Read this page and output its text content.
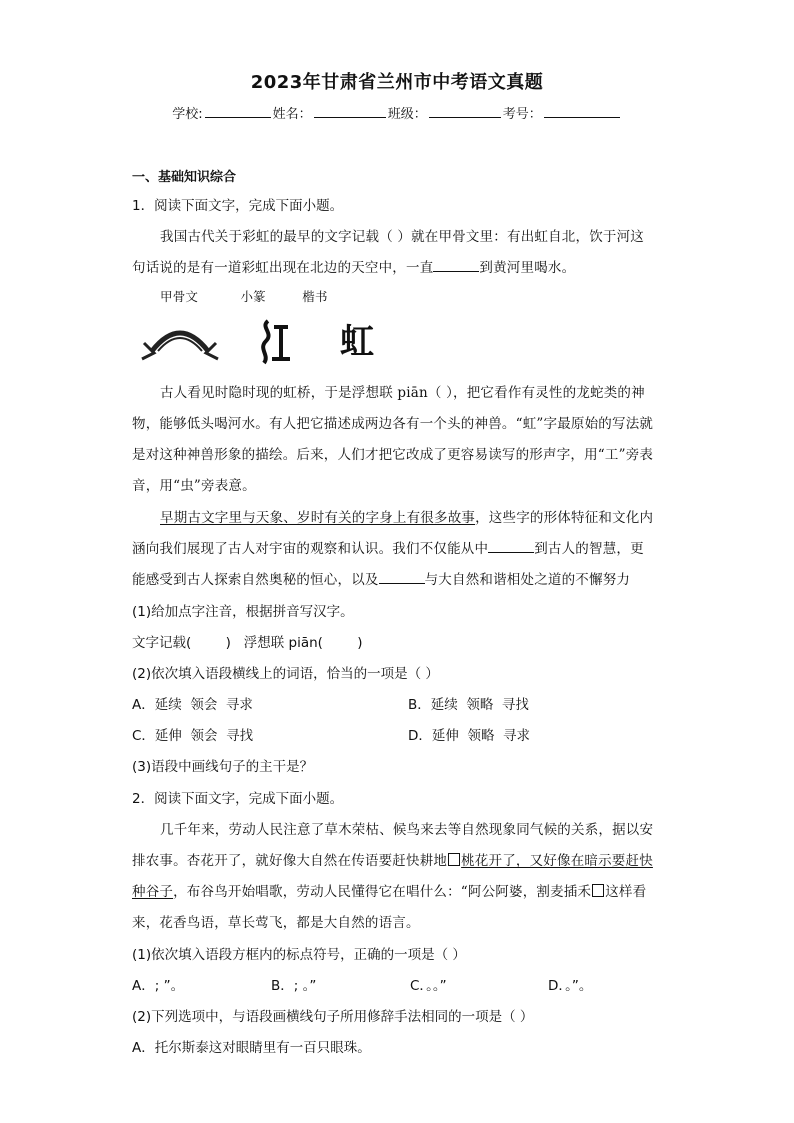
2023年甘肃省兰州市中考语文真题
学校:	姓名：	班级：	考号：
一、基础知识综合
1．阅读下面文字，完成下面小题。
我国古代关于彩虹的最早的文字记载（ ）就在甲骨文里：有出虹自北，饮于河这
句话说的是有一道彩虹出现在北边的天空中，一直	到黄河里喝水。
甲骨文	小篆	楷书
虹
古人看见时隐时现的虹桥，于是浮想联 piān（ ），把它看作有灵性的龙蛇类的神
物，能够低头喝河水。有人把它描述成两边各有一个头的神兽。“虹”字最原始的写法就
是对这种神兽形象的描绘。后来，人们才把它改成了更容易读写的形声字，用“工”旁表
音，用“虫”旁表意。
早期古文字里与天象、岁时有关的字身上有很多故事，这些字的形体特征和文化内
涵向我们展现了古人对宇宙的观察和认识。我们不仅能从中	到古人的智慧，更
能感受到古人探索自然奥秘的恒心，以及	与大自然和谐相处之道的不懈努力
(1)给加点字注音，根据拼音写汉字。
文字记载(        )   浮想联 piān(        )
(2)依次填入语段横线上的词语，恰当的一项是（ ）
A．延续  领会  寻求	B．延续  领略  寻找
C．延伸  领会  寻找	D．延伸  领略  寻求
(3)语段中画线句子的主干是？
2．阅读下面文字，完成下面小题。
几千年来，劳动人民注意了草木荣枯、候鸟来去等自然现象同气候的关系，据以安
排农事。杏花开了，就好像大自然在传语要赶快耕地 桃花开了，又好像在暗示要赶快
种谷子，布谷鸟开始唱歌，劳动人民懂得它在唱什么：“阿公阿婆，割麦插禾 这样看
来，花香鸟语，草长莺飞，都是大自然的语言。
(1)依次填入语段方框内的标点符号，正确的一项是（ ）
A．; ”。	B．; 。”	C．。。”	D．。”。
(2)下列选项中，与语段画横线句子所用修辞手法相同的一项是（ ）
A．托尔斯泰这对眼睛里有一百只眼珠。
